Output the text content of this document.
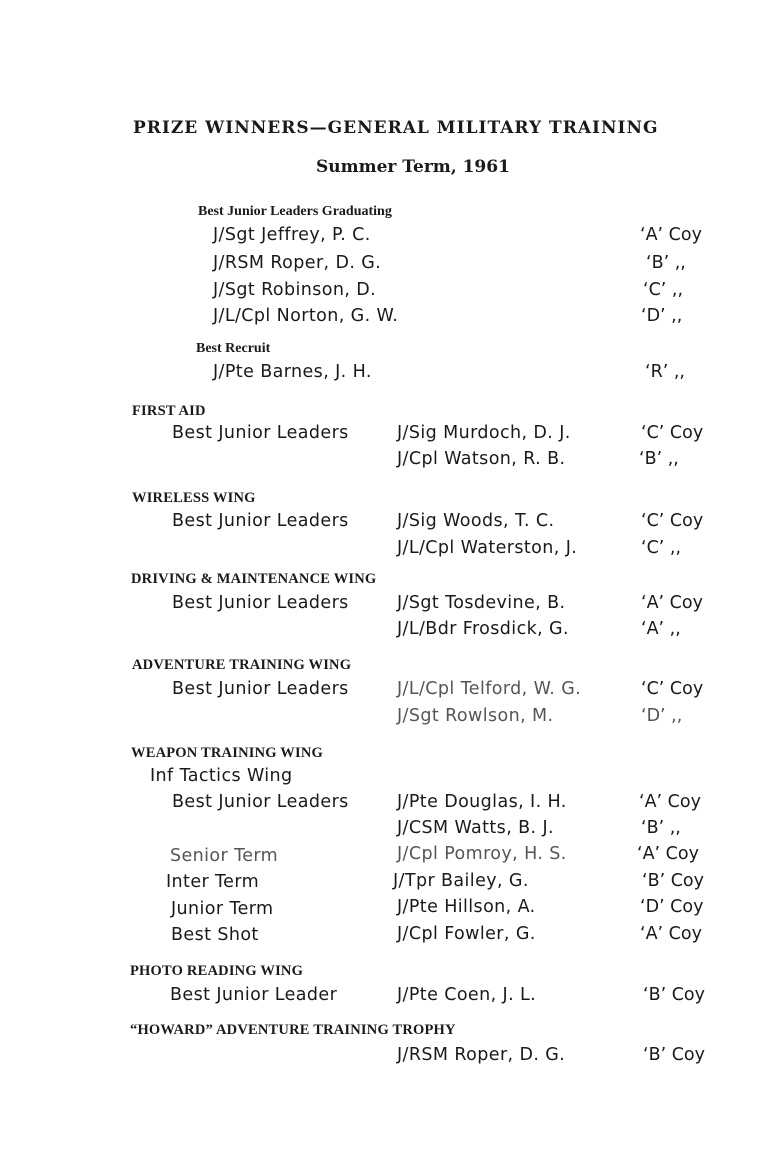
PRIZE WINNERS—GENERAL MILITARY TRAINING
Summer Term, 1961
Best Junior Leaders Graduating
J/Sgt Jeffrey, P. C.	‘A’ Coy
J/RSM Roper, D. G.	‘B’ ,,
J/Sgt Robinson, D.	‘C’ ,,
J/L/Cpl Norton, G. W.	‘D’ ,,
Best Recruit
J/Pte Barnes, J. H.	‘R’ ,,
FIRST AID
Best Junior Leaders	J/Sig Murdoch, D. J.	‘C’ Coy
J/Cpl Watson, R. B.	‘B’ ,,
WIRELESS WING
Best Junior Leaders	J/Sig Woods, T. C.	‘C’ Coy
J/L/Cpl Waterston, J.	‘C’ ,,
DRIVING & MAINTENANCE WING
Best Junior Leaders	J/Sgt Tosdevine, B.	‘A’ Coy
J/L/Bdr Frosdick, G.	‘A’ ,,
ADVENTURE TRAINING WING
Best Junior Leaders	J/L/Cpl Telford, W. G.	‘C’ Coy
J/Sgt Rowlson, M.	‘D’ ,,
WEAPON TRAINING WING
Inf Tactics Wing
Best Junior Leaders	J/Pte Douglas, I. H.	‘A’ Coy
J/CSM Watts, B. J.	‘B’ ,,
Senior Term	J/Cpl Pomroy, H. S.	‘A’ Coy
Inter Term	J/Tpr Bailey, G.	‘B’ Coy
Junior Term	J/Pte Hillson, A.	‘D’ Coy
Best Shot	J/Cpl Fowler, G.	‘A’ Coy
PHOTO READING WING
Best Junior Leader	J/Pte Coen, J. L.	‘B’ Coy
“HOWARD” ADVENTURE TRAINING TROPHY
J/RSM Roper, D. G.	‘B’ Coy
